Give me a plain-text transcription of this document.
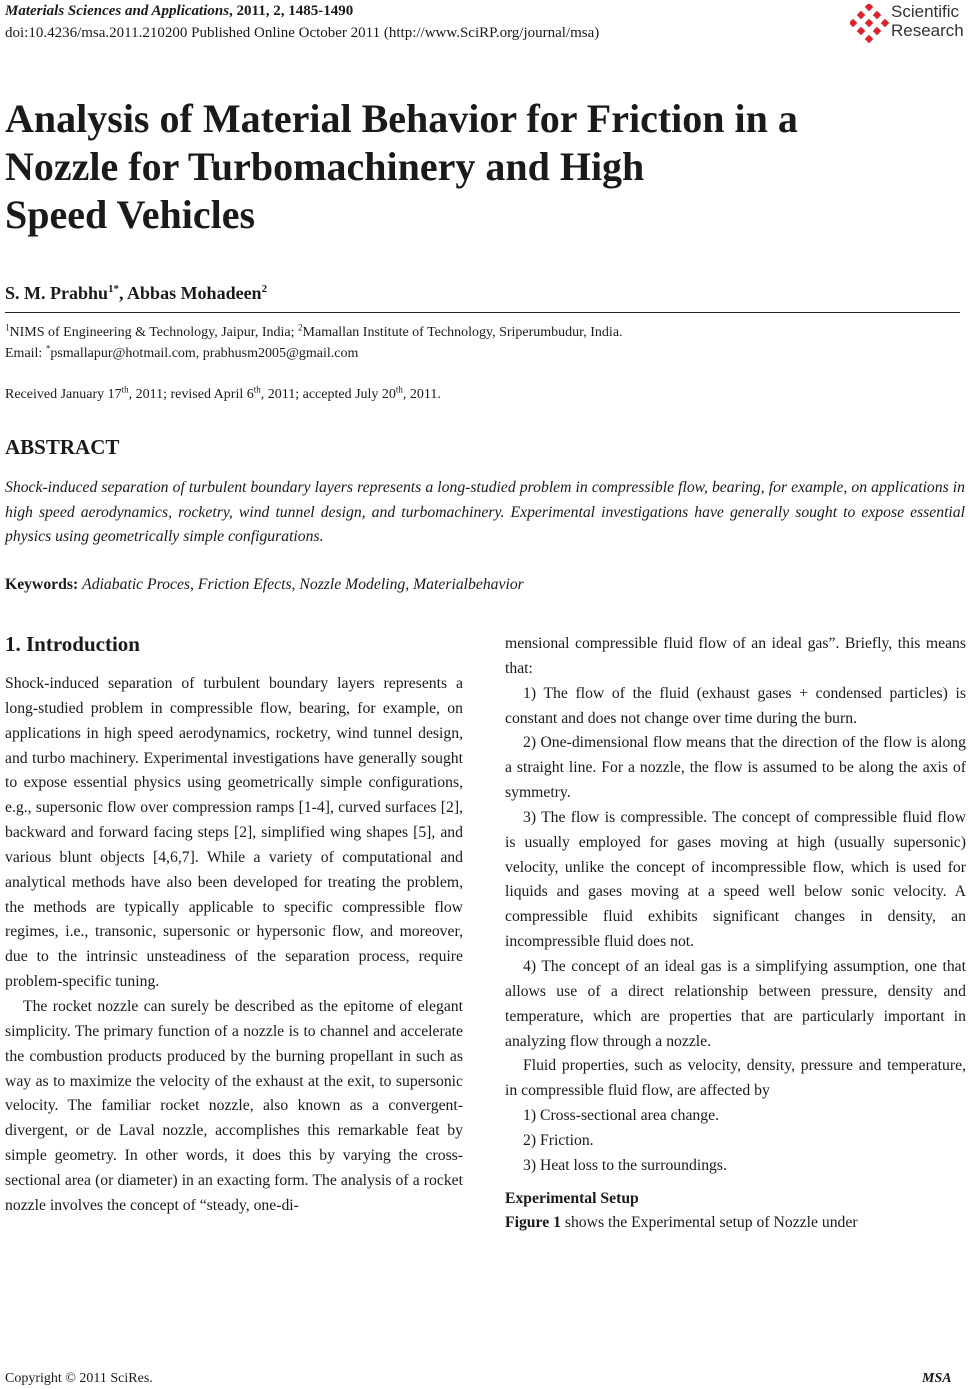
Materials Sciences and Applications, 2011, 2, 1485-1490
doi:10.4236/msa.2011.210200 Published Online October 2011 (http://www.SciRP.org/journal/msa)
Scientific
Research
Analysis of Material Behavior for Friction in a
Nozzle for Turbomachinery and High
Speed Vehicles
S. M. Prabhu$^{1*}$, Abbas Mohadeen$^2$
$^1$NIMS of Engineering & Technology, Jaipur, India; $^2$Mamallan Institute of Technology, Sriperumbudur, India.
Email: *psmallapur@hotmail.com, prabhusm2005@gmail.com
Received January 17th, 2011; revised April 6th, 2011; accepted July 20th, 2011.
ABSTRACT
Shock-induced separation of turbulent boundary layers represents a long-studied problem in compressible flow, bearing, for example, on applications in high speed aerodynamics, rocketry, wind tunnel design, and turbomachinery. Experimental investigations have generally sought to expose essential physics using geometrically simple configurations.
Keywords: Adiabatic Proces, Friction Efects, Nozzle Modeling, Materialbehavior
1. Introduction
Shock-induced separation of turbulent boundary layers represents a long-studied problem in compressible flow, bearing, for example, on applications in high speed aerodynamics, rocketry, wind tunnel design, and turbo machinery. Experimental investigations have generally sought to expose essential physics using geometrically simple configurations, e.g., supersonic flow over compression ramps [1-4], curved surfaces [2], backward and forward facing steps [2], simplified wing shapes [5], and various blunt objects [4,6,7]. While a variety of computational and analytical methods have also been developed for treating the problem, the methods are typically applicable to specific compressible flow regimes, i.e., transonic, supersonic or hypersonic flow, and moreover, due to the intrinsic unsteadiness of the separation process, require problem-specific tuning.
The rocket nozzle can surely be described as the epitome of elegant simplicity. The primary function of a nozzle is to channel and accelerate the combustion products produced by the burning propellant in such as way as to maximize the velocity of the exhaust at the exit, to supersonic velocity. The familiar rocket nozzle, also known as a convergent-divergent, or de Laval nozzle, accomplishes this remarkable feat by simple geometry. In other words, it does this by varying the cross-sectional area (or diameter) in an exacting form. The analysis of a rocket nozzle involves the concept of “steady, one-di-
mensional compressible fluid flow of an ideal gas”. Briefly, this means that:
1) The flow of the fluid (exhaust gases + condensed particles) is constant and does not change over time during the burn.
2) One-dimensional flow means that the direction of the flow is along a straight line. For a nozzle, the flow is assumed to be along the axis of symmetry.
3) The flow is compressible. The concept of compressible fluid flow is usually employed for gases moving at high (usually supersonic) velocity, unlike the concept of incompressible flow, which is used for liquids and gases moving at a speed well below sonic velocity. A compressible fluid exhibits significant changes in density, an incompressible fluid does not.
4) The concept of an ideal gas is a simplifying assumption, one that allows use of a direct relationship between pressure, density and temperature, which are properties that are particularly important in analyzing flow through a nozzle.
Fluid properties, such as velocity, density, pressure and temperature, in compressible fluid flow, are affected by
1) Cross-sectional area change.
2) Friction.
3) Heat loss to the surroundings.
Experimental Setup
Figure 1 shows the Experimental setup of Nozzle under
Copyright © 2011 SciRes.	MSA
